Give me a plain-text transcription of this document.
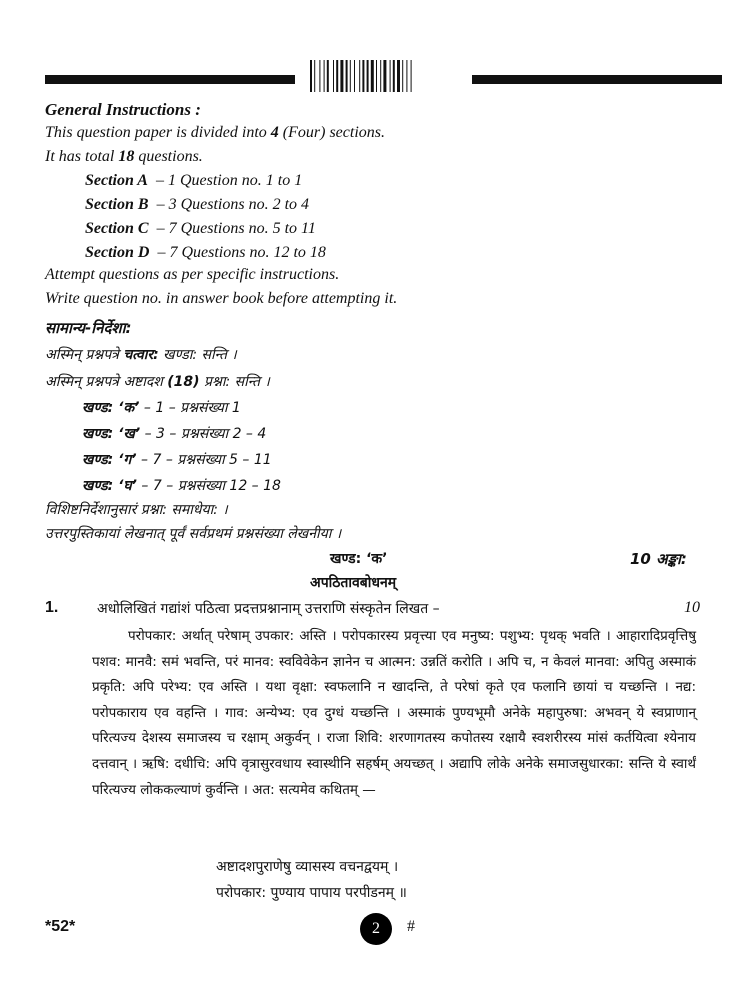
General Instructions :
This question paper is divided into 4 (Four) sections.
It has total 18 questions.
Section A – 1 Question no. 1 to 1
Section B – 3 Questions no. 2 to 4
Section C – 7 Questions no. 5 to 11
Section D – 7 Questions no. 12 to 18
Attempt questions as per specific instructions.
Write question no. in answer book before attempting it.
सामान्य-निर्देशा:
अस्मिन् प्रश्नपत्रे चत्वार: खण्डा: सन्ति ।
अस्मिन् प्रश्नपत्रे अष्टादश (18) प्रश्ना: सन्ति ।
खण्ड: ‘क’ – 1 – प्रश्नसंख्या 1
खण्ड: ‘ख’ – 3 – प्रश्नसंख्या 2 – 4
खण्ड: ‘ग’ – 7 – प्रश्नसंख्या 5 – 11
खण्ड: ‘घ’ – 7 – प्रश्नसंख्या 12 – 18
विशिष्टनिर्देशानुसारं प्रश्ना: समाधेया: ।
उत्तरपुस्तिकायां लेखनात् पूर्वं सर्वप्रथमं प्रश्नसंख्या लेखनीया ।
खण्ड: ‘क’	10 अङ्का:
अपठितावबोधनम्
1.	अधोलिखितं गद्यांशं पठित्वा प्रदत्तप्रश्नानाम् उत्तराणि संस्कृतेन लिखत –	10
परोपकार: अर्थात् परेषाम् उपकार: अस्ति । परोपकारस्य प्रवृत्त्या एव मनुष्य: पशुभ्य: पृथक् भवति । आहारादिप्रवृत्तिषु पशव: मानवै: समं भवन्ति, परं मानव: स्वविवेकेन ज्ञानेन च आत्मन: उन्नतिं करोति । अपि च, न केवलं मानवा: अपितु अस्माकं प्रकृति: अपि परेभ्य: एव अस्ति । यथा वृक्षा: स्वफलानि न खादन्ति, ते परेषां कृते एव फलानि छायां च यच्छन्ति । नद्य: परोपकाराय एव वहन्ति । गाव: अन्येभ्य: एव दुग्धं यच्छन्ति । अस्माकं पुण्यभूमौ अनेके महापुरुषा: अभवन् ये स्वप्राणान् परित्यज्य देशस्य समाजस्य च रक्षाम् अकुर्वन् । राजा शिवि: शरणागतस्य कपोतस्य रक्षायै स्वशरीरस्य मांसं कर्तयित्वा श्येनाय दत्तवान् । ऋषि: दधीचि: अपि वृत्रासुरवधाय स्वास्थीनि सहर्षम् अयच्छत् । अद्यापि लोके अनेके समाजसुधारका: सन्ति ये स्वार्थं परित्यज्य लोककल्याणं कुर्वन्ति । अत: सत्यमेव कथितम् —
अष्टादशपुराणेषु व्यासस्य वचनद्वयम् ।
परोपकार: पुण्याय पापाय परपीडनम् ॥
*52*	2 #
